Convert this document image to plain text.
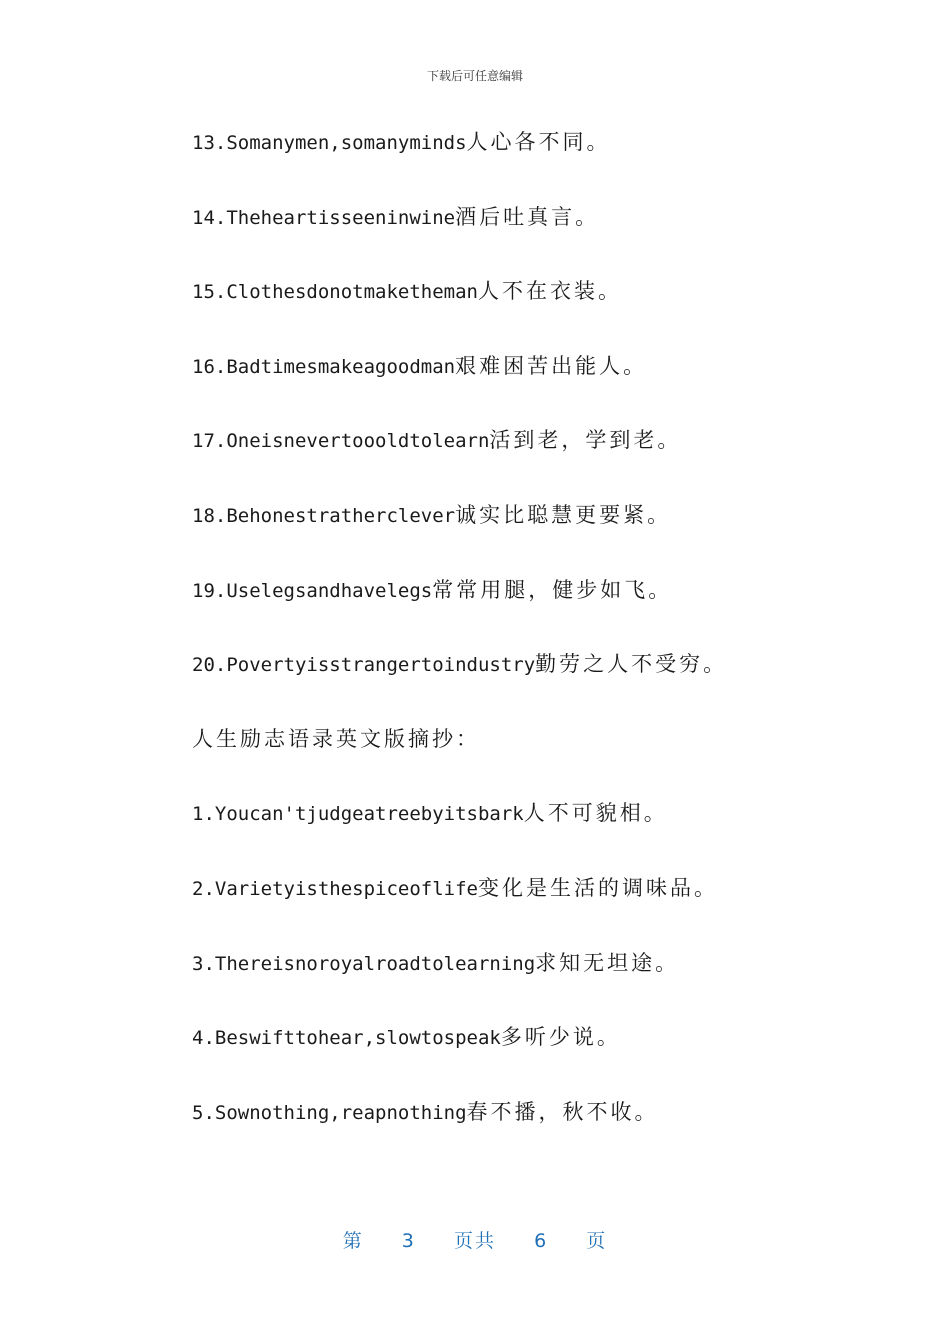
下载后可任意编辑
13.Somanymen,somanyminds人心各不同。
14.Theheartisseeninwine酒后吐真言。
15.Clothesdonotmaketheman人不在衣装。
16.Badtimesmakeagoodman艰难困苦出能人。
17.Oneisnevertoooldtolearn活到老，学到老。
18.Behonestratherclever诚实比聪慧更要紧。
19.Uselegsandhavelegs常常用腿，健步如飞。
20.Povertyisstrangertoindustry勤劳之人不受穷。
人生励志语录英文版摘抄：
1.Youcan'tjudgeatreebyitsbark人不可貌相。
2.Varietyisthespiceoflife变化是生活的调味品。
3.Thereisnoroyalroadtolearning求知无坦途。
4.Beswifttohear,slowtospeak多听少说。
5.Sownothing,reapnothing春不播，秋不收。
第 3 页共 6 页
